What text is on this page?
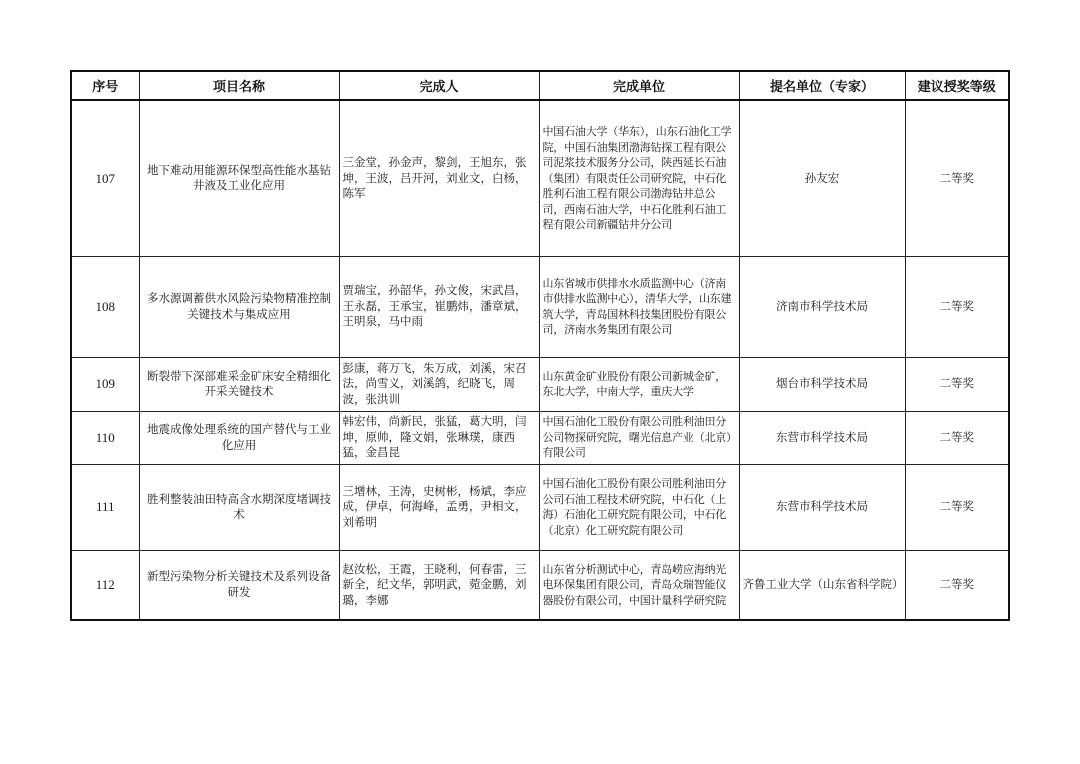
序号	项目名称	完成人	完成单位	提名单位（专家）	建议授奖等级
107	地下难动用能源环保型高性能水基钻井液及工业化应用	三金堂，孙金声，黎剑，王旭东，张坤，王波，吕开河，刘业文，白杨，陈军	中国石油大学（华东），山东石油化工学院，中国石油集团渤海钻探工程有限公司泥浆技术服务分公司，陕西延长石油（集团）有限责任公司研究院，中石化胜利石油工程有限公司渤海钻井总公司，西南石油大学，中石化胜利石油工程有限公司新疆钻井分公司	孙友宏	二等奖
108	多水源调蓄供水风险污染物精准控制关键技术与集成应用	贾瑞宝，孙韶华，孙文俊，宋武昌，王永磊，王承宝，崔鹏炜，潘章斌，王明泉，马中雨	山东省城市供排水水质监测中心（济南市供排水监测中心），清华大学，山东建筑大学，青岛国林科技集团股份有限公司，济南水务集团有限公司	济南市科学技术局	二等奖
109	断裂带下深部难采金矿床安全精细化开采关键技术	彭康，蒋万飞，朱万成，刘溪，宋召法，尚雪义，刘溪鸽，纪晓飞，周波，张洪训	山东黄金矿业股份有限公司新城金矿，东北大学，中南大学，重庆大学	烟台市科学技术局	二等奖
110	地震成像处理系统的国产替代与工业化应用	韩宏伟，尚新民，张猛，葛大明，闫坤，原帅，隆文娟，张琳璞，康西猛，金昌昆	中国石油化工股份有限公司胜利油田分公司物探研究院，曙光信息产业（北京）有限公司	东营市科学技术局	二等奖
111	胜利整装油田特高含水期深度堵调技术	三增林，王涛，史树彬，杨斌，李应成，伊卓，何海峰，孟勇，尹相文，刘希明	中国石油化工股份有限公司胜利油田分公司石油工程技术研究院，中石化（上海）石油化工研究院有限公司，中石化（北京）化工研究院有限公司	东营市科学技术局	二等奖
112	新型污染物分析关键技术及系列设备研发	赵汝松，王霞，王晓利，何春雷，三新全，纪文华，郭明武，菀金鹏，刘璐，李娜	山东省分析测试中心，青岛崂应海纳光电环保集团有限公司，青岛众瑞智能仪器股份有限公司，中国计量科学研究院	齐鲁工业大学（山东省科学院）	二等奖
